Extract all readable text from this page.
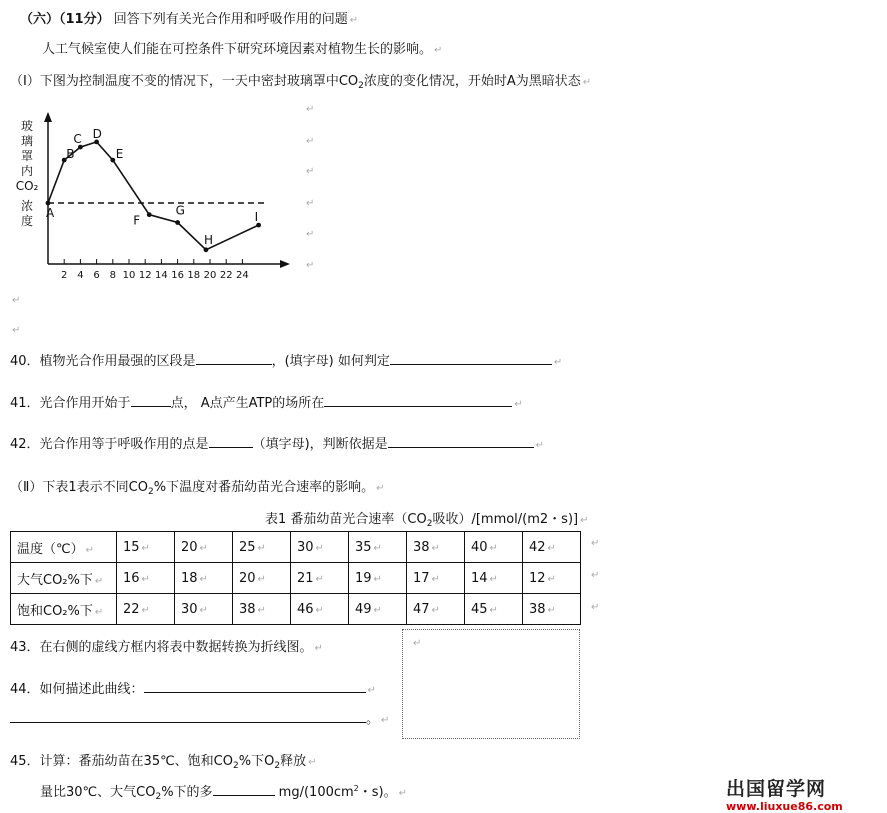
（六）（11分） 回答下列有关光合作用和呼吸作用的问题 ↵
人工气候室使人们能在可控条件下研究环境因素对植物生长的影响。 ↵
（Ⅰ）下图为控制温度不变的情况下，一天中密封玻璃罩中$CO_2$浓度的变化情况，开始时A为黑暗状态 ↵
玻
璃
罩
内
CO₂
浓
度
2 4 6 8 10 12 14 16 18 20 22 24
A
B
C D
E
F
G
H
I
↵
↵
↵
↵
↵
↵
↵
↵
40．植物光合作用最强的区段是	，(填字母) 如何判定	↵
41．光合作用开始于	点， A点产生ATP的场所在	↵
42．光合作用等于呼吸作用的点是	（填字母)，判断依据是	↵
（Ⅱ）下表1表示不同$CO_2\%$下温度对番茄幼苗光合速率的影响。 ↵
表1 番茄幼苗光合速率（$CO_2$吸收）/[mmol/(m2・s)] ↵
温度（℃） ↵	15 ↵	20 ↵	25 ↵	30 ↵	35 ↵	38 ↵	40 ↵	42 ↵
大气CO₂%下 ↵	16 ↵	18 ↵	20 ↵	21 ↵	19 ↵	17 ↵	14 ↵	12 ↵
饱和CO₂%下 ↵	22 ↵	30 ↵	38 ↵	46 ↵	49 ↵	47 ↵	45 ↵	38 ↵
↵
↵
↵
43．在右侧的虚线方框内将表中数据转换为折线图。 ↵	↵
44．如何描述此曲线：	↵
。 ↵
45．计算：番茄幼苗在35℃、饱和$CO_2\%$下$O_2$释放 ↵
量比30℃、大气$CO_2\%$下的多	$mg/(100cm^2$・s)。 ↵	出国留学网
www.liuxue86.com
